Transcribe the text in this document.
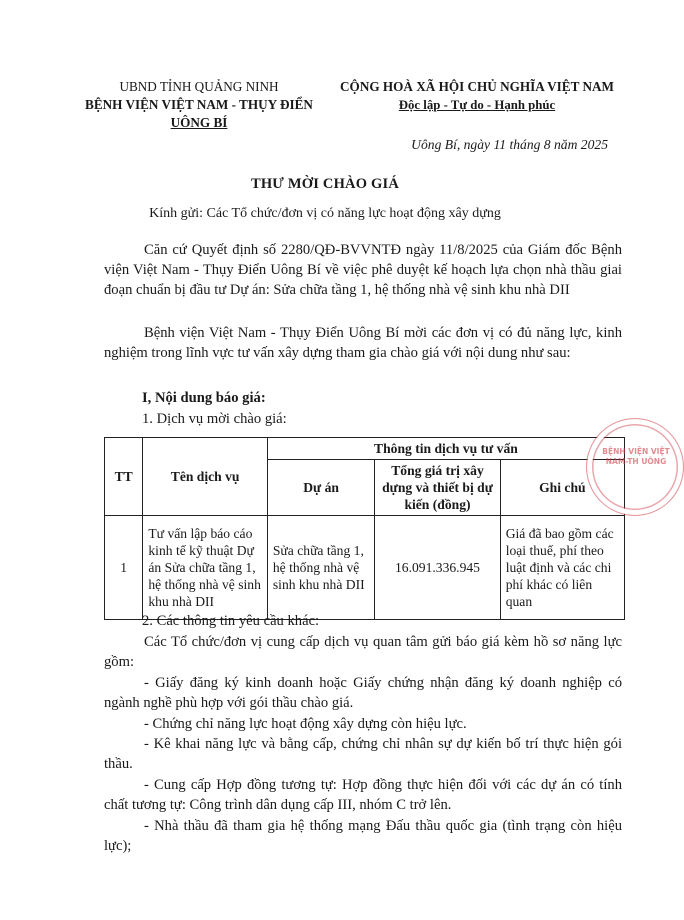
UBND TỈNH QUẢNG NINH
BỆNH VIỆN VIỆT NAM - THỤY ĐIỂN
UÔNG BÍ
CỘNG HOÀ XÃ HỘI CHỦ NGHĨA VIỆT NAM
Độc lập - Tự do - Hạnh phúc
Uông Bí, ngày 11 tháng 8 năm 2025
THƯ MỜI CHÀO GIÁ
Kính gửi: Các Tổ chức/đơn vị có năng lực hoạt động xây dựng
Căn cứ Quyết định số 2280/QĐ-BVVNTĐ ngày 11/8/2025 của Giám đốc Bệnh viện Việt Nam - Thụy Điển Uông Bí về việc phê duyệt kế hoạch lựa chọn nhà thầu giai đoạn chuẩn bị đầu tư Dự án: Sửa chữa tầng 1, hệ thống nhà vệ sinh khu nhà DII
Bệnh viện Việt Nam - Thụy Điển Uông Bí mời các đơn vị có đủ năng lực, kinh nghiệm trong lĩnh vực tư vấn xây dựng tham gia chào giá với nội dung như sau:
I, Nội dung báo giá:
1. Dịch vụ mời chào giá:
TT	Tên dịch vụ	Thông tin dịch vụ tư vấn		
		Dự án	Tổng giá trị xây dựng và thiết bị dự kiến (đồng)	Ghi chú
1	Tư vấn lập báo cáo kinh tế kỹ thuật Dự án Sửa chữa tầng 1, hệ thống nhà vệ sinh khu nhà DII	Sửa chữa tầng 1, hệ thống nhà vệ sinh khu nhà DII	16.091.336.945	Giá đã bao gồm các loại thuế, phí theo luật định và các chi phí khác có liên quan
2. Các thông tin yêu cầu khác:
Các Tổ chức/đơn vị cung cấp dịch vụ quan tâm gửi báo giá kèm hồ sơ năng lực gồm:
- Giấy đăng ký kinh doanh hoặc Giấy chứng nhận đăng ký doanh nghiệp có ngành nghề phù hợp với gói thầu chào giá.
- Chứng chỉ năng lực hoạt động xây dựng còn hiệu lực.
- Kê khai năng lực và bằng cấp, chứng chỉ nhân sự dự kiến bố trí thực hiện gói thầu.
- Cung cấp Hợp đồng tương tự: Hợp đồng thực hiện đối với các dự án có tính chất tương tự: Công trình dân dụng cấp III, nhóm C trở lên.
- Nhà thầu đã tham gia hệ thống mạng Đấu thầu quốc gia (tình trạng còn hiệu lực);
BỆNH VIỆN VIỆT NAM-TH UÔNG
